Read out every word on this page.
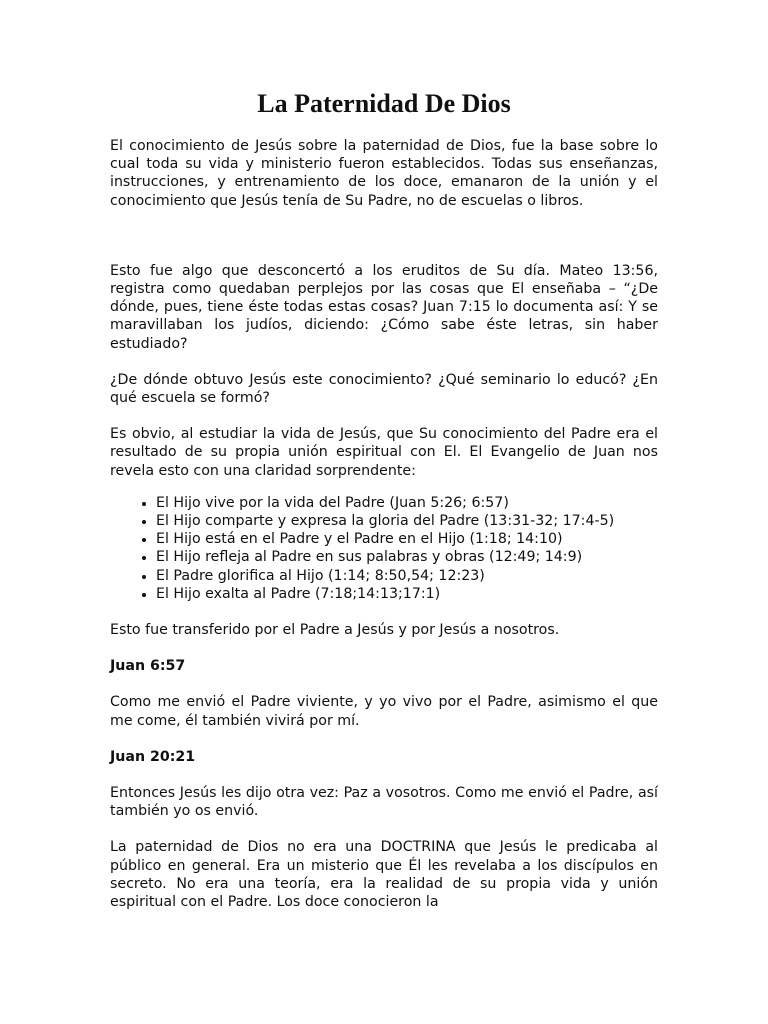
La Paternidad De Dios

El conocimiento de Jesús sobre la paternidad de Dios, fue la base sobre lo cual toda su vida y ministerio fueron establecidos. Todas sus enseñanzas, instrucciones, y entrenamiento de los doce, emanaron de la unión y el conocimiento que Jesús tenía de Su Padre, no de escuelas o libros.

Esto fue algo que desconcertó a los eruditos de Su día. Mateo 13:56, registra como quedaban perplejos por las cosas que El enseñaba – “¿De dónde, pues, tiene éste todas estas cosas? Juan 7:15 lo documenta así: Y se maravillaban los judíos, diciendo: ¿Cómo sabe éste letras, sin haber estudiado?

¿De dónde obtuvo Jesús este conocimiento? ¿Qué seminario lo educó? ¿En qué escuela se formó?

Es obvio, al estudiar la vida de Jesús, que Su conocimiento del Padre era el resultado de su propia unión espiritual con El. El Evangelio de Juan nos revela esto con una claridad sorprendente:

• El Hijo vive por la vida del Padre (Juan 5:26; 6:57)
• El Hijo comparte y expresa la gloria del Padre (13:31-32; 17:4-5)
• El Hijo está en el Padre y el Padre en el Hijo (1:18; 14:10)
• El Hijo refleja al Padre en sus palabras y obras (12:49; 14:9)
• El Padre glorifica al Hijo (1:14; 8:50,54; 12:23)
• El Hijo exalta al Padre (7:18;14:13;17:1)

Esto fue transferido por el Padre a Jesús y por Jesús a nosotros.

Juan 6:57

Como me envió el Padre viviente, y yo vivo por el Padre, asimismo el que me come, él también vivirá por mí.

Juan 20:21

Entonces Jesús les dijo otra vez: Paz a vosotros. Como me envió el Padre, así también yo os envió.

La paternidad de Dios no era una DOCTRINA que Jesús le predicaba al público en general. Era un misterio que Él les revelaba a los discípulos en secreto. No era una teoría, era la realidad de su propia vida y unión espiritual con el Padre. Los doce conocieron la
